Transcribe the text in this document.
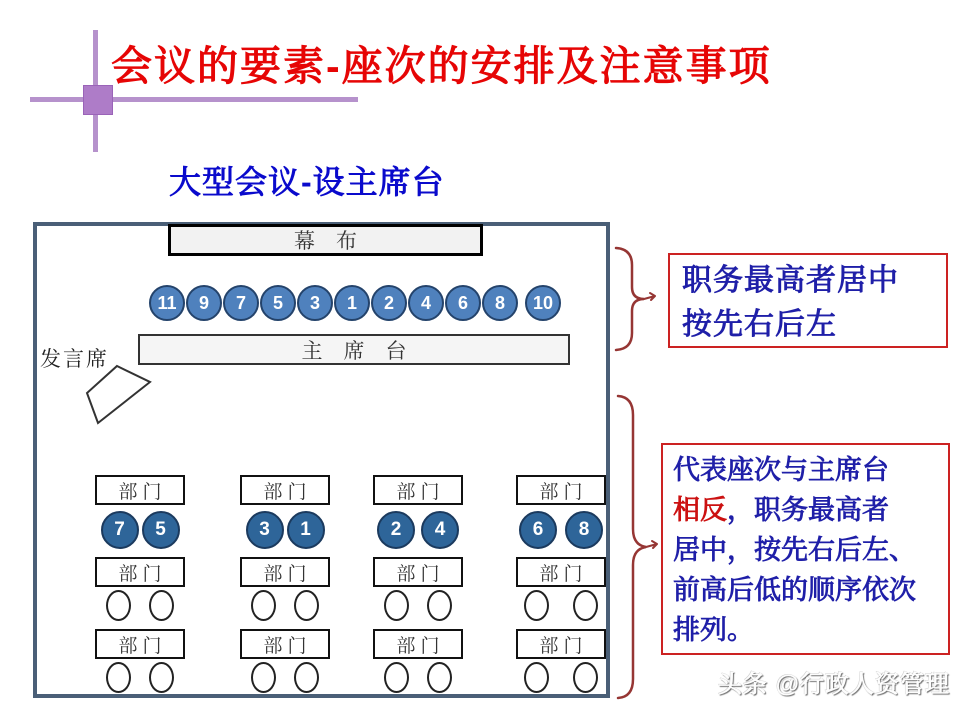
会议的要素-座次的安排及注意事项
大型会议-设主席台
幕　布
11	9	7	5	3	1	2	4	6	8	10
主　席　台
发言席
部门
7	5
部门
部门
部门
3	1
部门
部门
部门
2	4
部门
部门
部门
6	8
部门
部门
职务最高者居中
按先右后左
代表座次与主席台
相反，职务最高者
居中，按先右后左、
前高后低的顺序依次
排列。
头条 @行政人资管理
